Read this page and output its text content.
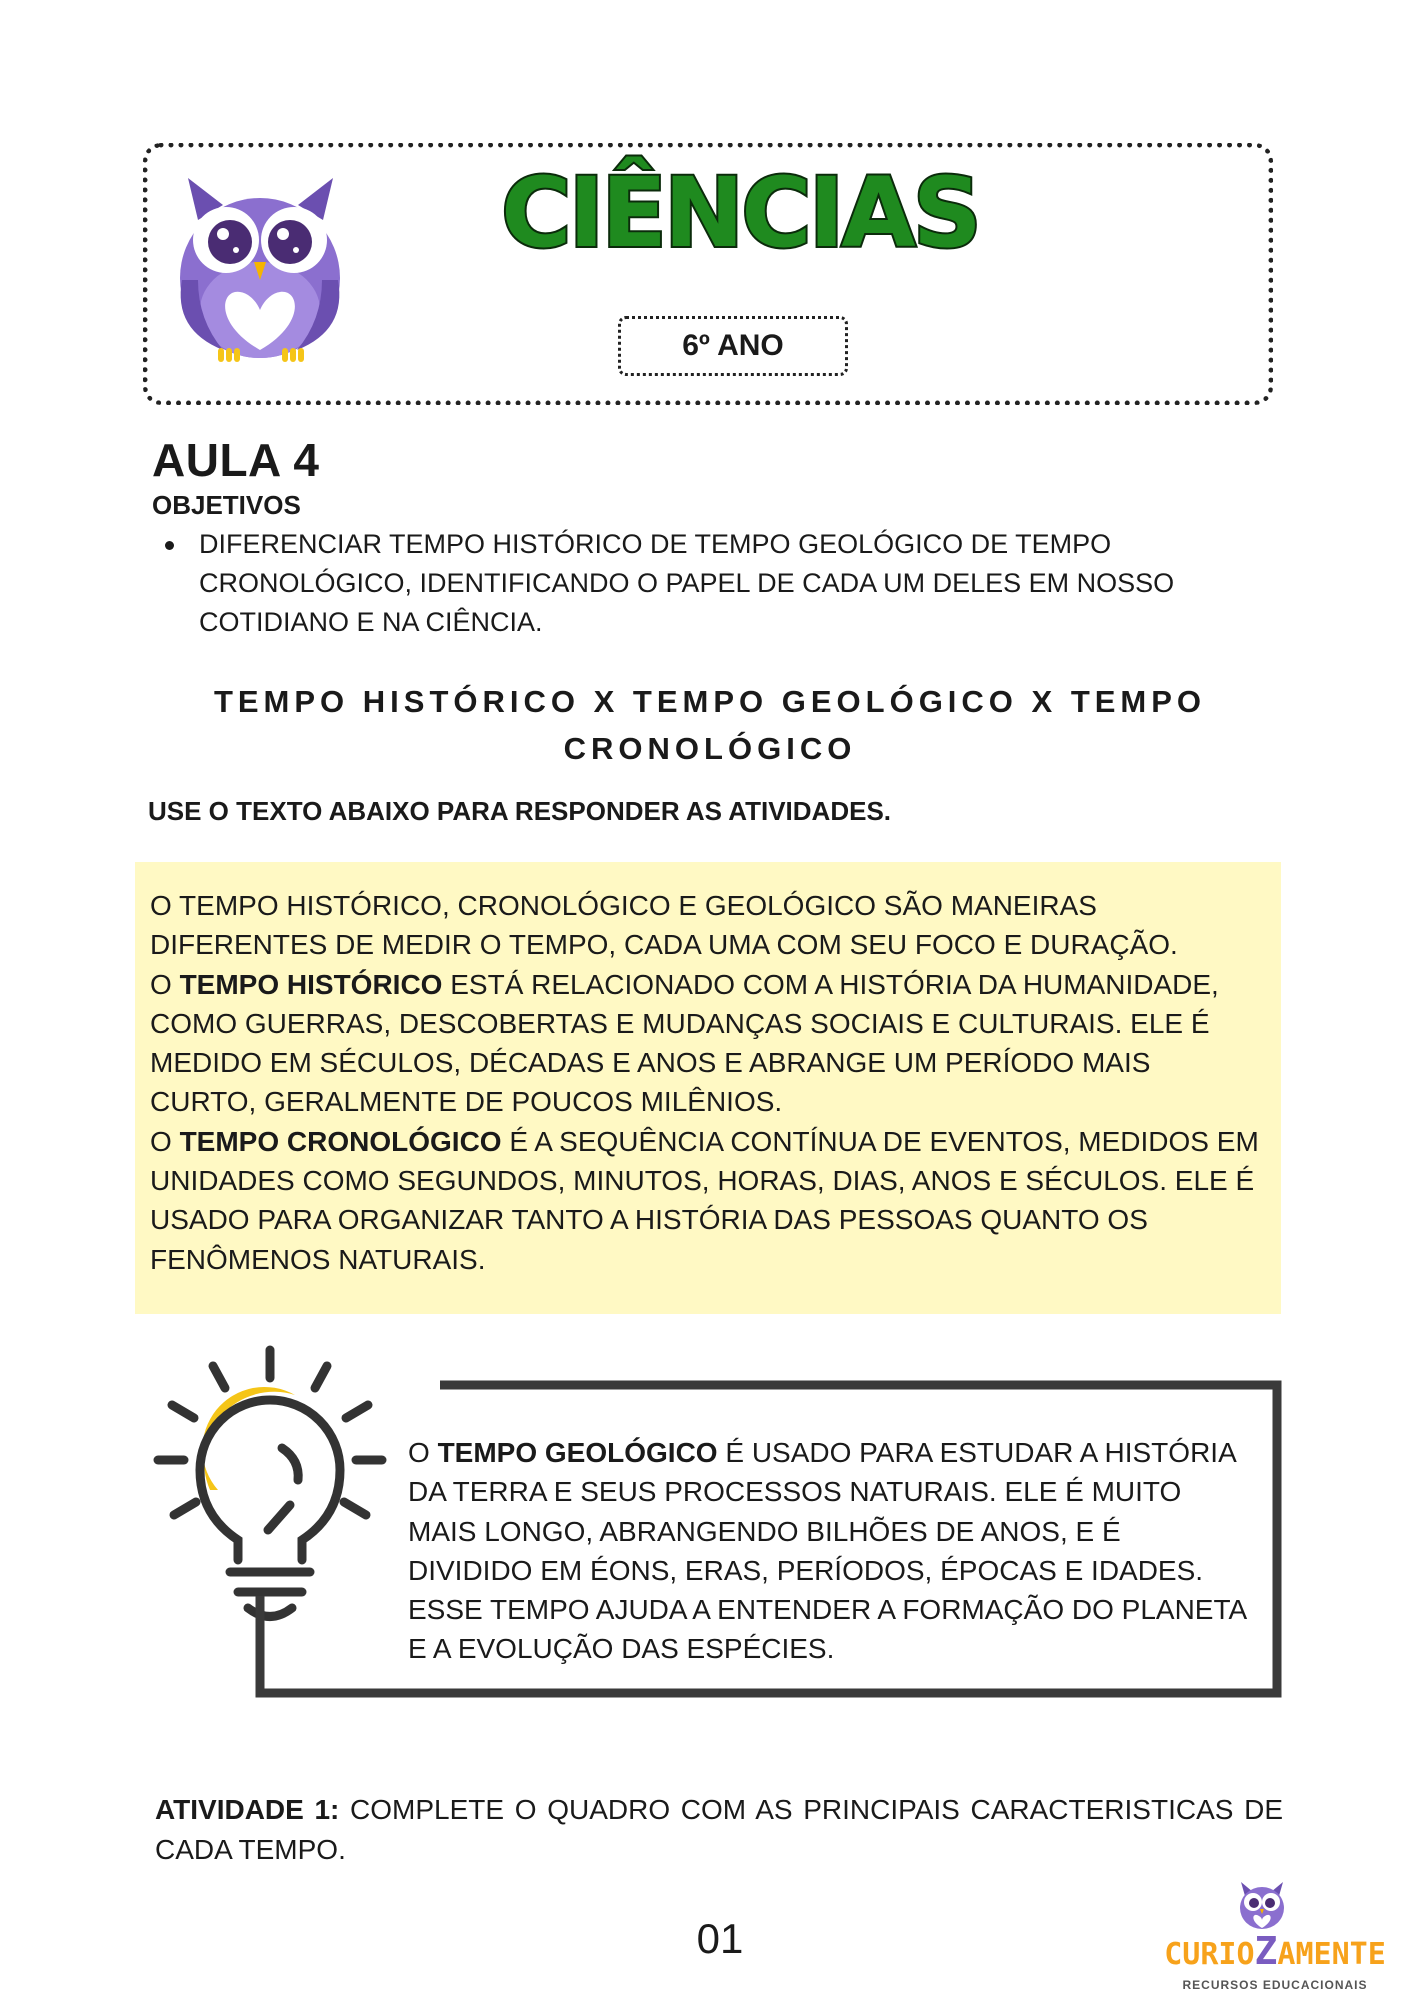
CIÊNCIAS
6º ANO
AULA 4
OBJETIVOS
DIFERENCIAR TEMPO HISTÓRICO DE TEMPO GEOLÓGICO DE TEMPO CRONOLÓGICO, IDENTIFICANDO O PAPEL DE CADA UM DELES EM NOSSO COTIDIANO E NA CIÊNCIA.
TEMPO HISTÓRICO X TEMPO GEOLÓGICO X TEMPO CRONOLÓGICO
USE O TEXTO ABAIXO PARA RESPONDER AS ATIVIDADES.

O TEMPO HISTÓRICO, CRONOLÓGICO E GEOLÓGICO SÃO MANEIRAS DIFERENTES DE MEDIR O TEMPO, CADA UMA COM SEU FOCO E DURAÇÃO.

O TEMPO HISTÓRICO ESTÁ RELACIONADO COM A HISTÓRIA DA HUMANIDADE, COMO GUERRAS, DESCOBERTAS E MUDANÇAS SOCIAIS E CULTURAIS. ELE É MEDIDO EM SÉCULOS, DÉCADAS E ANOS E ABRANGE UM PERÍODO MAIS CURTO, GERALMENTE DE POUCOS MILÊNIOS.

O TEMPO CRONOLÓGICO É A SEQUÊNCIA CONTÍNUA DE EVENTOS, MEDIDOS EM UNIDADES COMO SEGUNDOS, MINUTOS, HORAS, DIAS, ANOS E SÉCULOS. ELE É USADO PARA ORGANIZAR TANTO A HISTÓRIA DAS PESSOAS QUANTO OS FENÔMENOS NATURAIS.

O TEMPO GEOLÓGICO É USADO PARA ESTUDAR A HISTÓRIA DA TERRA E SEUS PROCESSOS NATURAIS. ELE É MUITO MAIS LONGO, ABRANGENDO BILHÕES DE ANOS, E É DIVIDIDO EM ÉONS, ERAS, PERÍODOS, ÉPOCAS E IDADES. ESSE TEMPO AJUDA A ENTENDER A FORMAÇÃO DO PLANETA E A EVOLUÇÃO DAS ESPÉCIES.
ATIVIDADE 1: COMPLETE O QUADRO COM AS PRINCIPAIS CARACTERISTICAS DE CADA TEMPO.
01	CURIOZAMENTE
RECURSOS EDUCACIONAIS
